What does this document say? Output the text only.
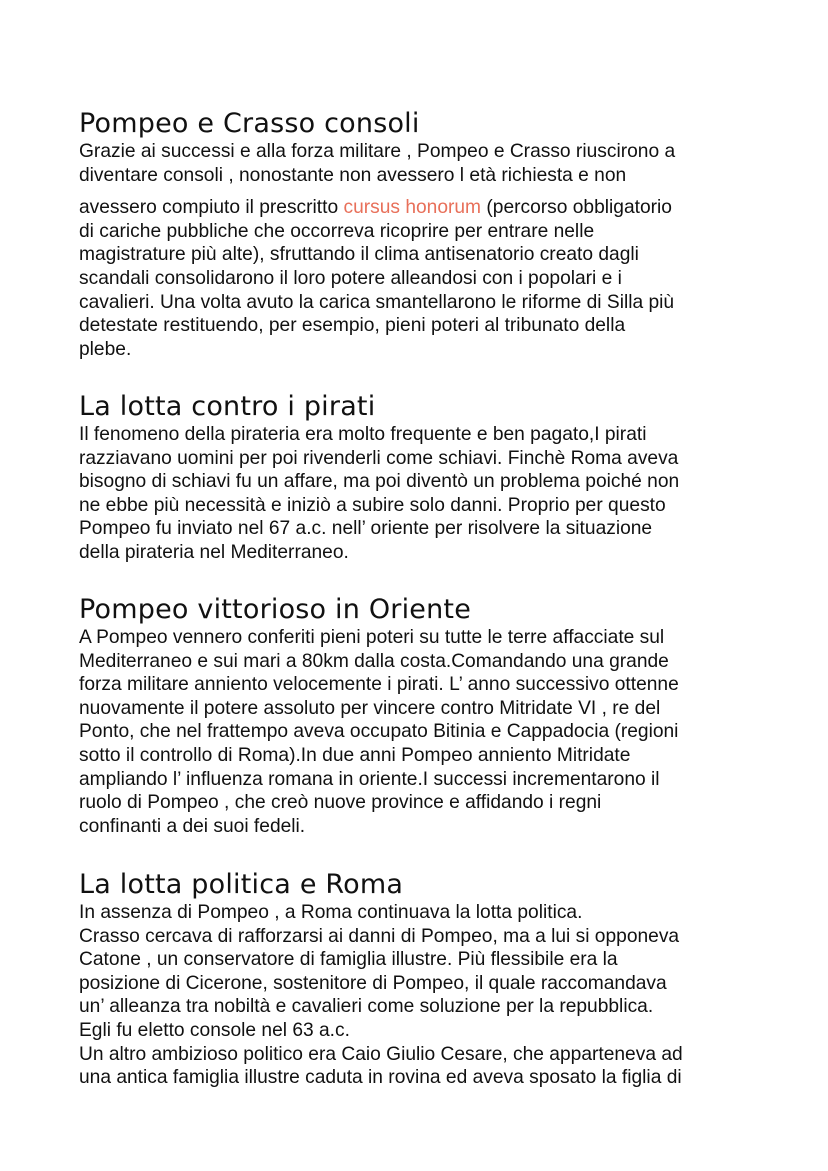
Pompeo e Crasso consoli

Grazie ai successi e alla forza militare , Pompeo e Crasso riuscirono a
diventare consoli , nonostante non avessero l età richiesta e non
avessero compiuto il prescritto cursus honorum (percorso obbligatorio
di cariche pubbliche che occorreva ricoprire per entrare nelle
magistrature più alte), sfruttando il clima antisenatorio creato dagli
scandali consolidarono il loro potere alleandosi con i popolari e i
cavalieri. Una volta avuto la carica smantellarono le riforme di Silla più
detestate restituendo, per esempio, pieni poteri al tribunato della
plebe.

La lotta contro i pirati

Il fenomeno della pirateria era molto frequente e ben pagato,I pirati
razziavano uomini per poi rivenderli come schiavi. Finchè Roma aveva
bisogno di schiavi fu un affare, ma poi diventò un problema poiché non
ne ebbe più necessità e iniziò a subire solo danni. Proprio per questo
Pompeo fu inviato nel 67 a.c. nell’ oriente per risolvere la situazione
della pirateria nel Mediterraneo.

Pompeo vittorioso in Oriente

A Pompeo vennero conferiti pieni poteri su tutte le terre affacciate sul
Mediterraneo e sui mari a 80km dalla costa.Comandando una grande
forza militare anniento velocemente i pirati. L’ anno successivo ottenne
nuovamente il potere assoluto per vincere contro Mitridate VI , re del
Ponto, che nel frattempo aveva occupato Bitinia e Cappadocia (regioni
sotto il controllo di Roma).In due anni Pompeo anniento Mitridate
ampliando l’ influenza romana in oriente.I successi incrementarono il
ruolo di Pompeo , che creò nuove province e affidando i regni
confinanti a dei suoi fedeli.

La lotta politica e Roma

In assenza di Pompeo , a Roma continuava la lotta politica.
Crasso cercava di rafforzarsi ai danni di Pompeo, ma a lui si opponeva
Catone , un conservatore di famiglia illustre. Più flessibile era la
posizione di Cicerone, sostenitore di Pompeo, il quale raccomandava
un’ alleanza tra nobiltà e cavalieri come soluzione per la repubblica.
Egli fu eletto console nel 63 a.c.
Un altro ambizioso politico era Caio Giulio Cesare, che apparteneva ad
una antica famiglia illustre caduta in rovina ed aveva sposato la figlia di
